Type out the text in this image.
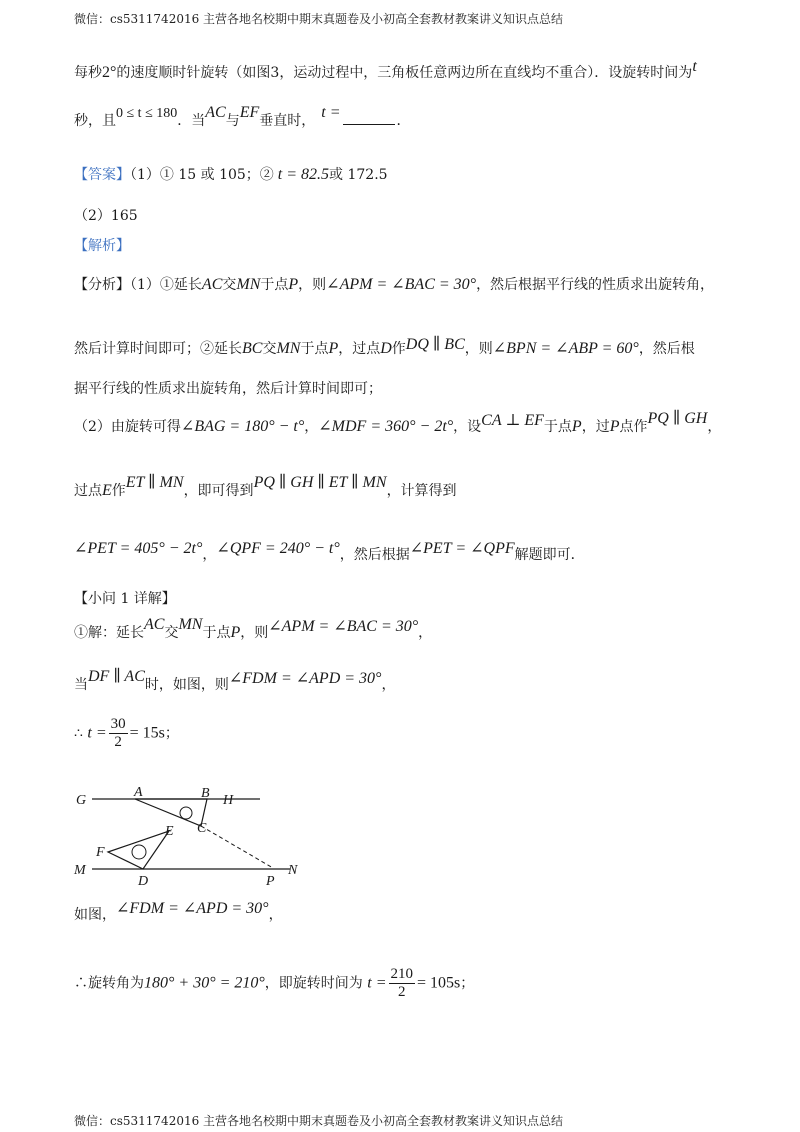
微信：cs5311742016 主营各地名校期中期末真题卷及小初高全套教材教案讲义知识点总结
每秒2°的速度顺时针旋转（如图3，运动过程中，三角板任意两边所在直线均不重合）．设旋转时间为t
秒，且0 ≤ t ≤ 180．当AC与EF垂直时， t =	．
【答案】（1）① 15 或 105；② t = 82.5或 172.5
（2）165
【解析】
【分析】（1）①延长AC交MN于点P，则∠APM = ∠BAC = 30°，然后根据平行线的性质求出旋转角，
然后计算时间即可；②延长BC交MN于点P，过点D作DQ ∥ BC，则∠BPN = ∠ABP = 60°，然后根
据平行线的性质求出旋转角，然后计算时间即可；
（2）由旋转可得∠BAG = 180° − t°，∠MDF = 360° − 2t°，设CA ⊥ EF于点P，过P点作PQ ∥ GH，
过点E作ET ∥ MN，即可得到PQ ∥ GH ∥ ET ∥ MN，计算得到
∠PET = 405° − 2t°，∠QPF = 240° − t°，然后根据∠PET = ∠QPF解题即可．
【小问 1 详解】
①解：延长AC交MN于点P，则∠APM = ∠BAC = 30°，
当DF ∥ AC时，如图，则∠FDM = ∠APD = 30°，
∴ $t = \frac{30}{2} = 15s$；
G
A	B H
C
E
F
M
D	P
N
如图，∠FDM = ∠APD = 30°，
∴旋转角为180° + 30° = 210°，即旋转时间为 $t = \frac{210}{2} = 105s$；
微信：cs5311742016 主营各地名校期中期末真题卷及小初高全套教材教案讲义知识点总结
